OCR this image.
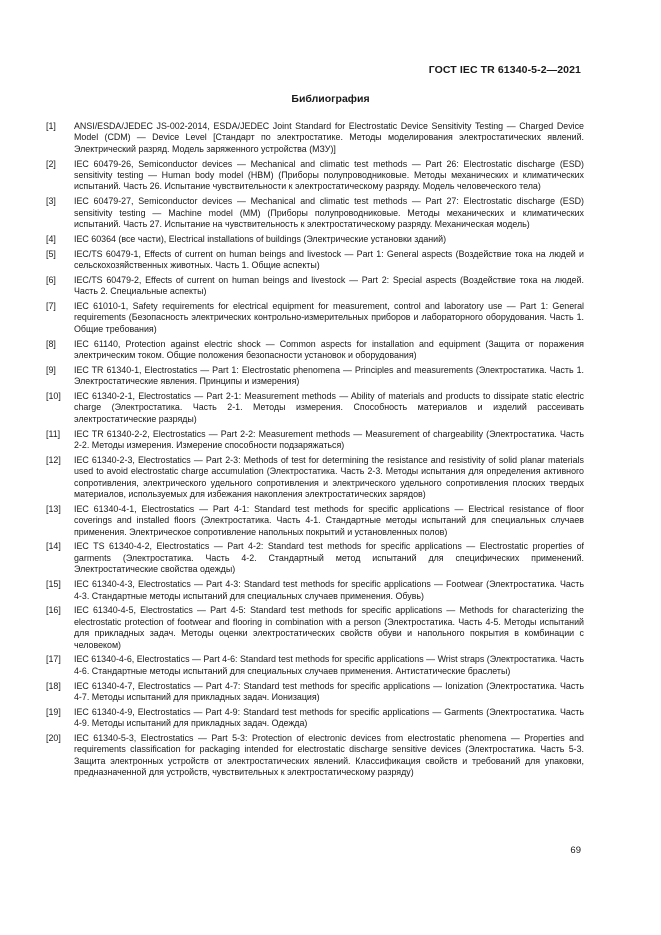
ГОСТ IEC TR 61340-5-2—2021
Библиография
[1]	ANSI/ESDA/JEDEC JS-002-2014, ESDA/JEDEC Joint Standard for Electrostatic Device Sensitivity Testing — Charged Device Model (CDM) — Device Level [Стандарт по электростатике. Методы моделирования электростатических явлений. Электрический разряд. Модель заряженного устройства (МЗУ)]
[2]	IEC 60479-26, Semiconductor devices — Mechanical and climatic test methods — Part 26: Electrostatic discharge (ESD) sensitivity testing — Human body model (HBM) (Приборы полупроводниковые. Методы механических и климатических испытаний. Часть 26. Испытание чувствительности к электростатическому разряду. Модель человеческого тела)
[3]	IEC 60479-27, Semiconductor devices — Mechanical and climatic test methods — Part 27: Electrostatic discharge (ESD) sensitivity testing — Machine model (MM) (Приборы полупроводниковые. Методы механических и климатических испытаний. Часть 27. Испытание на чувствительность к электростатическому разряду. Механическая модель)
[4]	IEC 60364 (все части), Electrical installations of buildings (Электрические установки зданий)
[5]	IEC/TS 60479-1, Effects of current on human beings and livestock — Part 1: General aspects (Воздействие тока на людей и сельскохозяйственных животных. Часть 1. Общие аспекты)
[6]	IEC/TS 60479-2, Effects of current on human beings and livestock — Part 2: Special aspects (Воздействие тока на людей. Часть 2. Специальные аспекты)
[7]	IEC 61010-1, Safety requirements for electrical equipment for measurement, control and laboratory use — Part 1: General requirements (Безопасность электрических контрольно-измерительных приборов и лабораторного оборудования. Часть 1. Общие требования)
[8]	IEC 61140, Protection against electric shock — Common aspects for installation and equipment (Защита от поражения электрическим током. Общие положения безопасности установок и оборудования)
[9]	IEC TR 61340-1, Electrostatics — Part 1: Electrostatic phenomena — Principles and measurements (Электростатика. Часть 1. Электростатические явления. Принципы и измерения)
[10]	IEC 61340-2-1, Electrostatics — Part 2-1: Measurement methods — Ability of materials and products to dissipate static electric charge (Электростатика. Часть 2-1. Методы измерения. Способность материалов и изделий рассеивать электростатические разряды)
[11]	IEC TR 61340-2-2, Electrostatics — Part 2-2: Measurement methods — Measurement of chargeability (Электростатика. Часть 2-2. Методы измерения. Измерение способности подзаряжаться)
[12]	IEC 61340-2-3, Electrostatics — Part 2-3: Methods of test for determining the resistance and resistivity of solid planar materials used to avoid electrostatic charge accumulation (Электростатика. Часть 2-3. Методы испытания для определения активного сопротивления, электрического удельного сопротивления и электрического удельного сопротивления плоских твердых материалов, используемых для избежания накопления электростатических зарядов)
[13]	IEC 61340-4-1, Electrostatics — Part 4-1: Standard test methods for specific applications — Electrical resistance of floor coverings and installed floors (Электростатика. Часть 4-1. Стандартные методы испытаний для специальных случаев применения. Электрическое сопротивление напольных покрытий и установленных полов)
[14]	IEC TS 61340-4-2, Electrostatics — Part 4-2: Standard test methods for specific applications — Electrostatic properties of garments (Электростатика. Часть 4-2. Стандартный метод испытаний для специфических применений. Электростатические свойства одежды)
[15]	IEC 61340-4-3, Electrostatics — Part 4-3: Standard test methods for specific applications — Footwear (Электростатика. Часть 4-3. Стандартные методы испытаний для специальных случаев применения. Обувь)
[16]	IEC 61340-4-5, Electrostatics — Part 4-5: Standard test methods for specific applications — Methods for characterizing the electrostatic protection of footwear and flooring in combination with a person (Электростатика. Часть 4-5. Методы испытаний для прикладных задач. Методы оценки электростатических свойств обуви и напольного покрытия в комбинации с человеком)
[17]	IEC 61340-4-6, Electrostatics — Part 4-6: Standard test methods for specific applications — Wrist straps (Электростатика. Часть 4-6. Стандартные методы испытаний для специальных случаев применения. Антистатические браслеты)
[18]	IEC 61340-4-7, Electrostatics — Part 4-7: Standard test methods for specific applications — Ionization (Электростатика. Часть 4-7. Методы испытаний для прикладных задач. Ионизация)
[19]	IEC 61340-4-9, Electrostatics — Part 4-9: Standard test methods for specific applications — Garments (Электростатика. Часть 4-9. Методы испытаний для прикладных задач. Одежда)
[20]	IEC 61340-5-3, Electrostatics — Part 5-3: Protection of electronic devices from electrostatic phenomena — Properties and requirements classification for packaging intended for electrostatic discharge sensitive devices (Электростатика. Часть 5-3. Защита электронных устройств от электростатических явлений. Классификация свойств и требований для упаковки, предназначенной для устройств, чувствительных к электростатическому разряду)
69
